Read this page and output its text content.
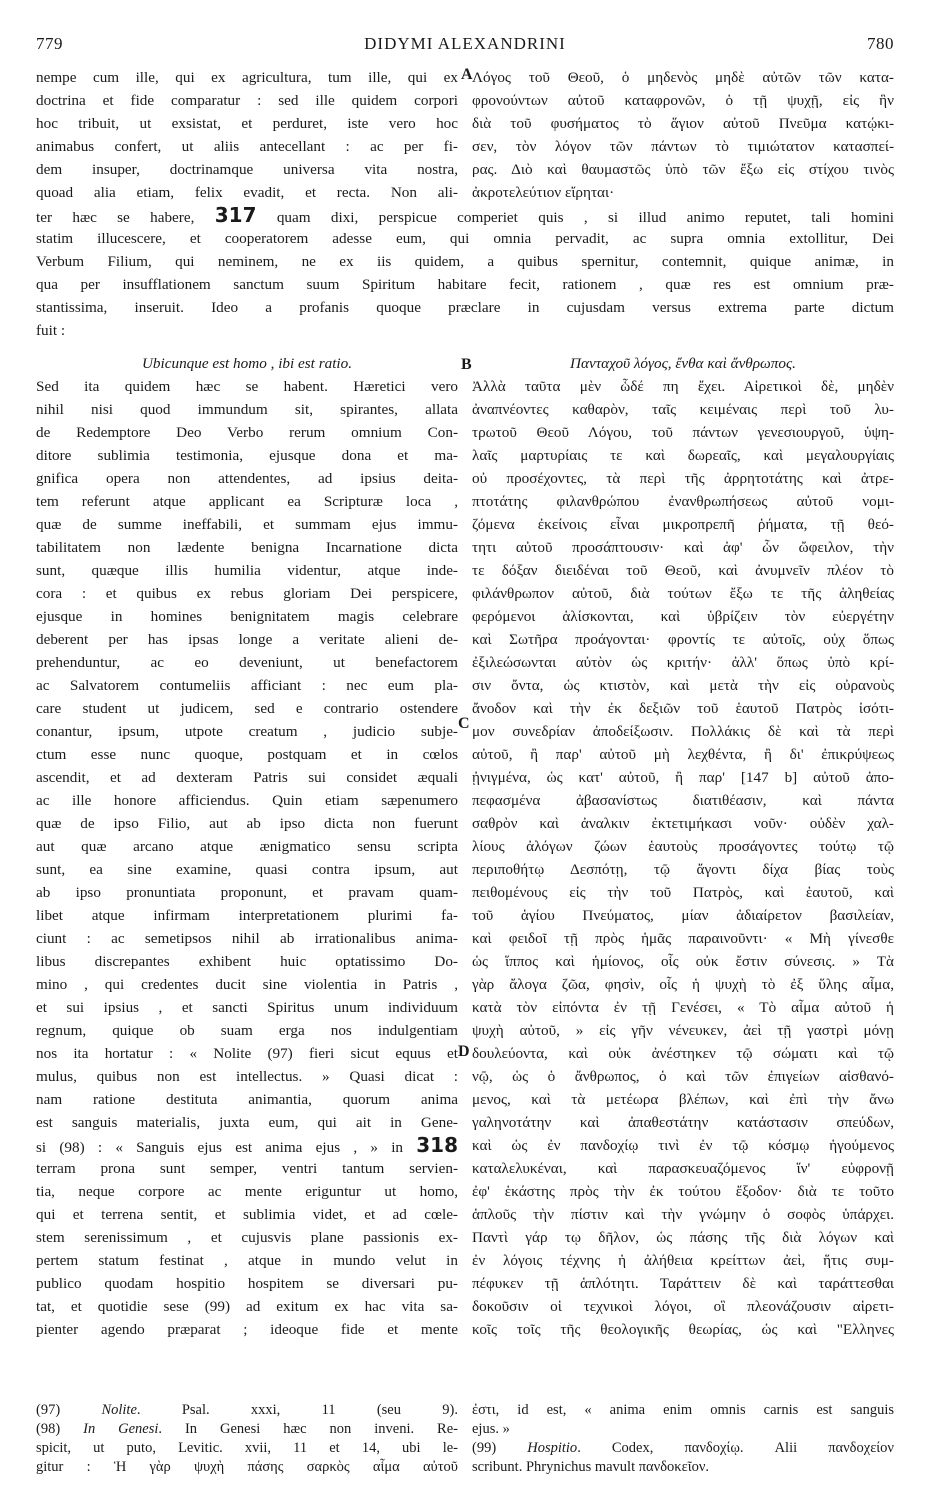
779	DIDYMI ALEXANDRINI	780
nempe cum ille, qui ex agricultura, tum ille, qui ex
doctrina et fide comparatur : sed ille quidem corpori
hoc tribuit, ut exsistat, et perduret, iste vero hoc
animabus confert, ut aliis antecellant : ac per fi-
dem insuper, doctrinamque universa vita nostra,
quoad alia etiam, felix evadit, et recta. Non ali-
A Λόγος τοῦ Θεοῦ, ὁ μηδενὸς μηδὲ αὐτῶν τῶν κατα-
φρονούντων αὐτοῦ καταφρονῶν, ὁ τῇ ψυχῇ, εἰς ἣν
διὰ τοῦ φυσήματος τὸ ἅγιον αὐτοῦ Πνεῦμα κατῴκι-
σεν, τὸν λόγον τῶν πάντων τὸ τιμιώτατον κατασπεί-
ρας. Διὸ καὶ θαυμαστῶς ὑπὸ τῶν ἔξω εἰς στίχου τινὸς
ἀκροτελεύτιον εἴρηται·
ter hæc se habere, 317 quam dixi, perspicue comperiet quis , si illud animo reputet, tali homini
statim illucescere, et cooperatorem adesse eum, qui omnia pervadit, ac supra omnia extollitur, Dei
Verbum Filium, qui neminem, ne ex iis quidem, a quibus spernitur, contemnit, quique animæ, in
qua per insufflationem sanctum suum Spiritum habitare fecit, rationem , quæ res est omnium præ-
stantissima, inseruit. Ideo a profanis quoque præclare in cujusdam versus extrema parte dictum
fuit :
Ubicunque est homo , ibi est ratio.	B	Πανταχοῦ λόγος, ἔνθα καὶ ἄνθρωπος.
Sed ita quidem hæc se habent. Hæretici vero
nihil nisi quod immundum sit, spirantes, allata
de Redemptore Deo Verbo rerum omnium Con-
ditore sublimia testimonia, ejusque dona et ma-
gnifica opera non attendentes, ad ipsius deita-
tem referunt atque applicant ea Scripturæ loca ,
quæ de summe ineffabili, et summam ejus immu-
tabilitatem non lædente benigna Incarnatione dicta
sunt, quæque illis humilia videntur, atque inde-
cora : et quibus ex rebus gloriam Dei perspicere,
ejusque in homines benignitatem magis celebrare
deberent per has ipsas longe a veritate alieni de-
prehenduntur, ac eo deveniunt, ut benefactorem
ac Salvatorem contumeliis afficiant : nec eum pla-
care student ut judicem, sed e contrario ostendere
conantur, ipsum, utpote creatum , judicio subje-
ctum esse nunc quoque, postquam et in cœlos
ascendit, et ad dexteram Patris sui considet æquali
ac ille honore afficiendus. Quin etiam sæpenumero
quæ de ipso Filio, aut ab ipso dicta non fuerunt
aut quæ arcano atque ænigmatico sensu scripta
sunt, ea sine examine, quasi contra ipsum, aut
ab ipso pronuntiata proponunt, et pravam quam-
libet atque infirmam interpretationem plurimi fa-
ciunt : ac semetipsos nihil ab irrationalibus anima-
libus discrepantes exhibent huic optatissimo Do-
mino , qui credentes ducit sine violentia in Patris ,
et sui ipsius , et sancti Spiritus unum individuum
regnum, quique ob suam erga nos indulgentiam
nos ita hortatur : « Nolite (97) fieri sicut equus et
mulus, quibus non est intellectus. » Quasi dicat :
nam ratione destituta animantia, quorum anima
est sanguis materialis, juxta eum, qui ait in Gene-
si (98) : « Sanguis ejus est anima ejus , » in 318
terram prona sunt semper, ventri tantum servien-
tia, neque corpore ac mente eriguntur ut homo,
qui et terrena sentit, et sublimia videt, et ad cœle-
stem serenissimum , et cujusvis plane passionis ex-
pertem statum festinat , atque in mundo velut in
publico quodam hospitio hospitem se diversari pu-
tat, et quotidie sese (99) ad exitum ex hac vita sa-
pienter agendo præparat ; ideoque fide et mente
C
D
Ἀλλὰ ταῦτα μὲν ὧδέ πη ἔχει. Αἱρετικοὶ δὲ, μηδὲν
ἀναπνέοντες καθαρὸν, ταῖς κειμέναις περὶ τοῦ λυ-
τρωτοῦ Θεοῦ Λόγου, τοῦ πάντων γενεσιουργοῦ, ὑψη-
λαῖς μαρτυρίαις τε καὶ δωρεαῖς, καὶ μεγαλουργίαις
οὐ προσέχοντες, τὰ περὶ τῆς ἀρρητοτάτης καὶ ἀτρε-
πτοτάτης φιλανθρώπου ἐνανθρωπήσεως αὐτοῦ νομι-
ζόμενα ἐκείνοις εἶναι μικροπρεπῆ ῥήματα, τῇ θεό-
τητι αὐτοῦ προσάπτουσιν· καὶ ἀφ' ὧν ὤφειλον, τὴν
τε δόξαν διειδέναι τοῦ Θεοῦ, καὶ ἀνυμνεῖν πλέον τὸ
φιλάνθρωπον αὐτοῦ, διὰ τούτων ἔξω τε τῆς ἀληθείας
φερόμενοι ἁλίσκονται, καὶ ὑβρίζειν τὸν εὐεργέτην
καὶ Σωτῆρα προάγονται· φροντίς τε αὐτοῖς, οὐχ ὅπως
ἐξιλεώσωνται αὐτὸν ὡς κριτήν· ἀλλ' ὅπως ὑπὸ κρί-
σιν ὄντα, ὡς κτιστὸν, καὶ μετὰ τὴν εἰς οὐρανοὺς
ἄνοδον καὶ τὴν ἐκ δεξιῶν τοῦ ἑαυτοῦ Πατρὸς ἰσότι-
μον συνεδρίαν ἀποδείξωσιν. Πολλάκις δὲ καὶ τὰ περὶ
αὐτοῦ, ἢ παρ' αὐτοῦ μὴ λεχθέντα, ἢ δι' ἐπικρύψεως
ᾐνιγμένα, ὡς κατ' αὐτοῦ, ἢ παρ' [147 b] αὐτοῦ ἀπο-
πεφασμένα ἀβασανίστως διατιθέασιν, καὶ πάντα
σαθρὸν καὶ ἀναλκιν ἐκτετιμήκασι νοῦν· οὐδὲν χαλ-
λίους ἀλόγων ζώων ἑαυτοὺς προσάγοντες τούτῳ τῷ
περιποθήτῳ Δεσπότῃ, τῷ ἄγοντι δίχα βίας τοὺς
πειθομένους εἰς τὴν τοῦ Πατρὸς, καὶ ἑαυτοῦ, καὶ
τοῦ ἁγίου Πνεύματος, μίαν ἀδιαίρετον βασιλείαν,
καὶ φειδοῖ τῇ πρὸς ἡμᾶς παραινοῦντι· « Μὴ γίνεσθε
ὡς ἵππος καὶ ἡμίονος, οἷς οὐκ ἔστιν σύνεσις. » Τὰ
γὰρ ἄλογα ζῶα, φησὶν, οἷς ἡ ψυχὴ τὸ ἐξ ὕλης αἷμα,
κατὰ τὸν εἰπόντα ἐν τῇ Γενέσει, « Τὸ αἷμα αὐτοῦ ἡ
ψυχὴ αὐτοῦ, » εἰς γῆν νένευκεν, ἀεὶ τῇ γαστρὶ μόνῃ
δουλεύοντα, καὶ οὐκ ἀνέστηκεν τῷ σώματι καὶ τῷ
νῷ, ὡς ὁ ἄνθρωπος, ὁ καὶ τῶν ἐπιγείων αἰσθανό-
μενος, καὶ τὰ μετέωρα βλέπων, καὶ ἐπὶ τὴν ἄνω
γαληνοτάτην καὶ ἀπαθεστάτην κατάστασιν σπεύδων,
καὶ ὡς ἐν πανδοχίῳ τινὶ ἐν τῷ κόσμῳ ἡγούμενος
καταλελυκέναι, καὶ παρασκευαζόμενος ἵν' εὐφρονῇ
ἐφ' ἑκάστης πρὸς τὴν ἐκ τούτου ἔξοδον· διὰ τε τοῦτο
ἁπλοῦς τὴν πίστιν καὶ τὴν γνώμην ὁ σοφὸς ὑπάρχει.
Παντὶ γάρ τῳ δῆλον, ὡς πάσης τῆς διὰ λόγων καὶ
ἐν λόγοις τέχνης ἡ ἀλήθεια κρείττων ἀεὶ, ἥτις συμ-
πέφυκεν τῇ ἁπλότητι. Ταράττειν δὲ καὶ ταράττεσθαι
δοκοῦσιν οἱ τεχνικοὶ λόγοι, οἳ πλεονάζουσιν αἱρετι-
κοῖς τοῖς τῆς θεολογικῆς θεωρίας, ὡς καὶ "Ελληνες
(97) Nolite. Psal. xxxi, 11 (seu 9).
(98) In Genesi. In Genesi hæc non inveni. Re-
spicit, ut puto, Levitic. xvii, 11 et 14, ubi le-
gitur : Ἡ γὰρ ψυχὴ πάσης σαρκὸς αἷμα αὐτοῦ
ἐστι, id est, « anima enim omnis carnis est sanguis
ejus. »
(99) Hospitio. Codex, πανδοχίῳ. Alii πανδοχείον
scribunt. Phrynichus mavult πανδοκεῖον.
